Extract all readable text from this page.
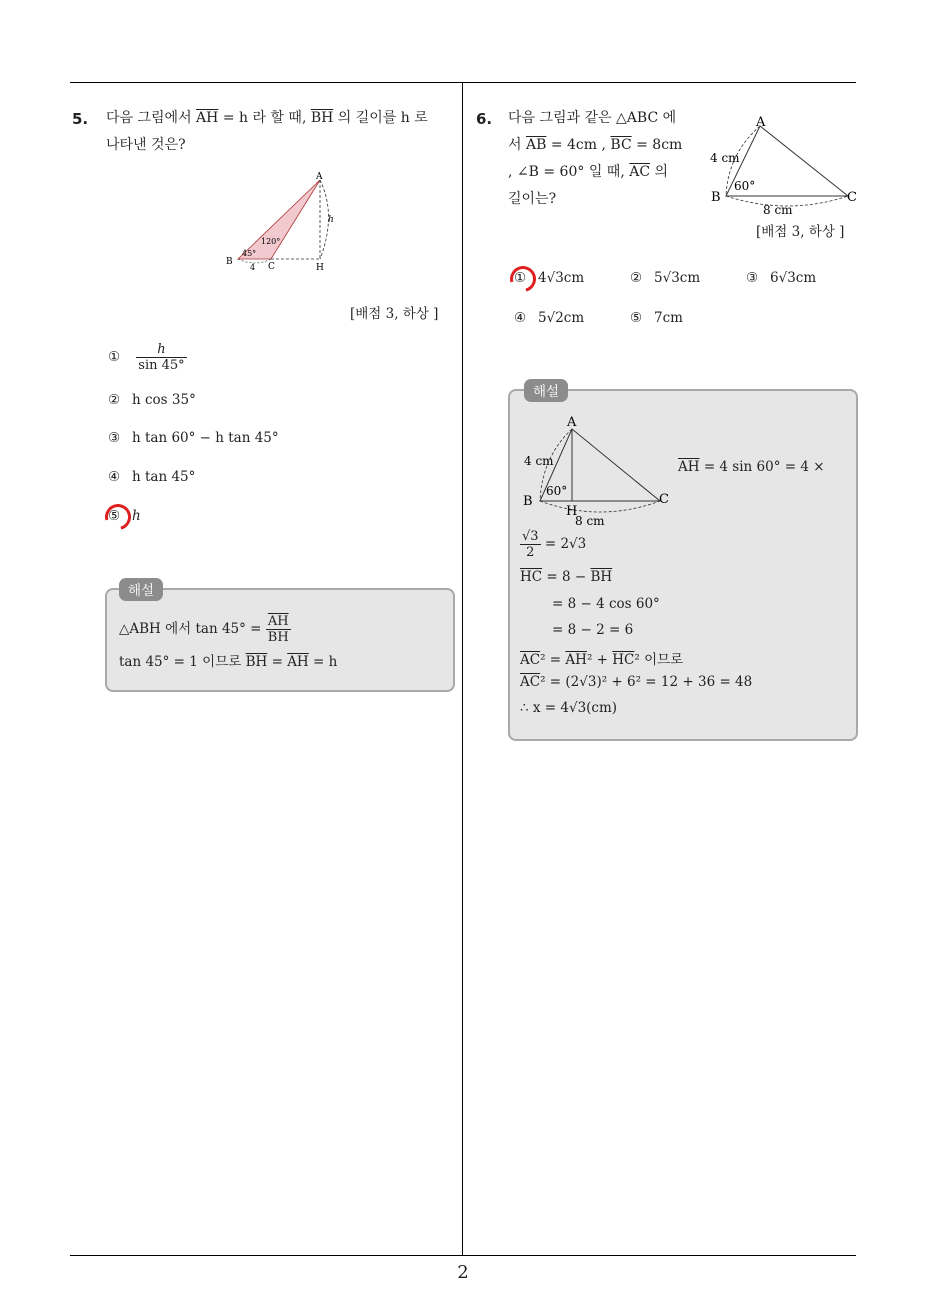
5. 다음 그림에서 $\overline{AH} = h$ 라 할 때, $\overline{BH}$ 의 길이를 h 로
나타낸 것은?
A
B	C	H
h
45°
120°
4
[배점 3, 하상 ]
① $\frac{h}{\sin 45^\circ}$
② h cos 35°
③ h tan 60° − h tan 45°
④ h tan 45°
⑤ h
해설
△ABH 에서 $\tan 45^\circ = \frac{\overline{AH}}{BH}$
tan 45° = 1 이므로 $\overline{BH} = \overline{AH} = h$
6. 다음 그림과 같은 △ABC 에
서 $\overline{AB} = 4cm$ , $\overline{BC} = 8cm$
, ∠B = 60° 일 때, $\overline{AC}$ 의
길이는?
A
B	C
4 cm
60°
8 cm
[배점 3, 하상 ]
① 4√3cm	② 5√3cm	③ 6√3cm
④ 5√2cm	⑤ 7cm
해설
A
B	C
H
4 cm
60°
8 cm
$\overline{AH} = 4$ sin 60° = 4 ×
$\frac{√3}{2} = 2√3$
$\overline{HC} = 8 - \overline{BH}$
= 8 − 4 cos 60°
= 8 − 2 = 6
$\overline{AC}^2 = \overline{AH}^2 + \overline{HC}^2$ 이므로
$\overline{AC}^2 = (2√3)^2 + 6^2 = 12 + 36 = 48$
∴ x = 4√3(cm)
2
